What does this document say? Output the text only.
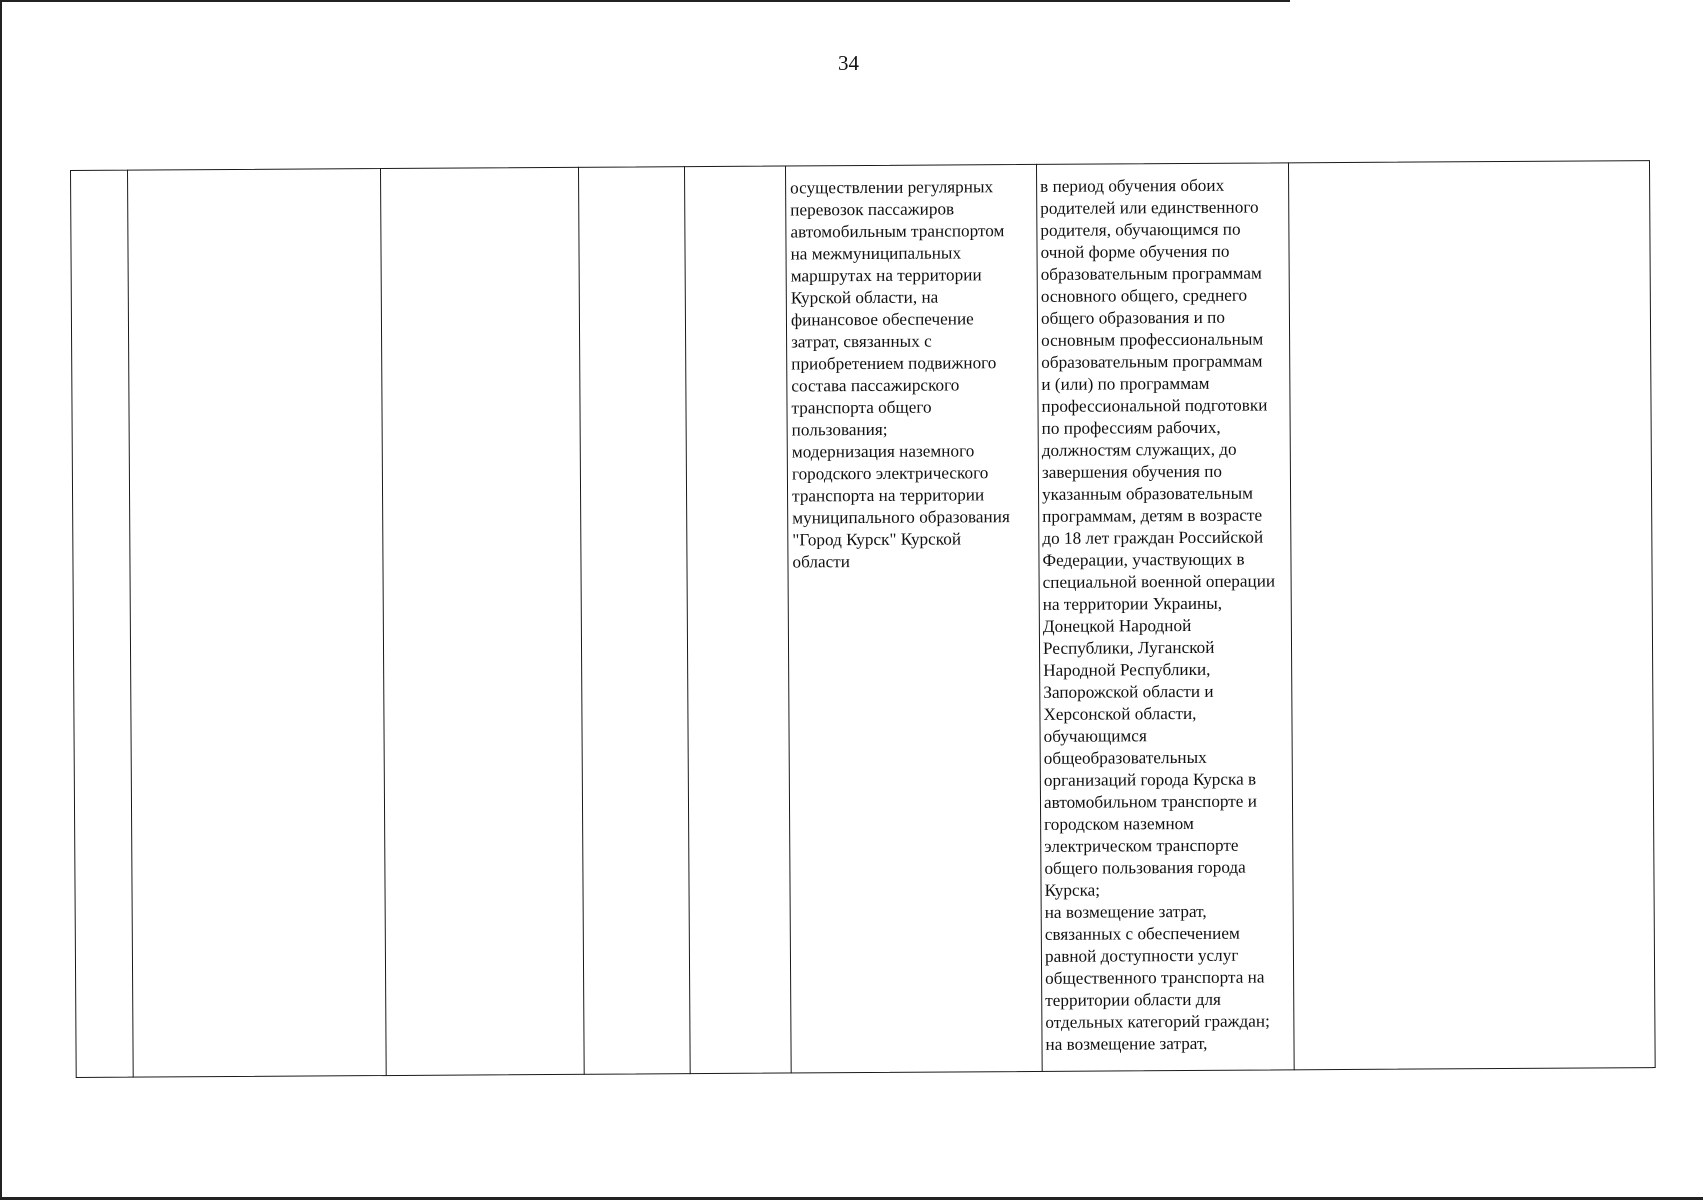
34
осуществлении регулярных
перевозок пассажиров
автомобильным транспортом
на межмуниципальных
маршрутах на территории
Курской области, на
финансовое обеспечение
затрат, связанных с
приобретением подвижного
состава пассажирского
транспорта общего
пользования;
модернизация наземного
городского электрического
транспорта на территории
муниципального образования
"Город Курск" Курской
области
в период обучения обоих
родителей или единственного
родителя, обучающимся по
очной форме обучения по
образовательным программам
основного общего, среднего
общего образования и по
основным профессиональным
образовательным программам
и (или) по программам
профессиональной подготовки
по профессиям рабочих,
должностям служащих, до
завершения обучения по
указанным образовательным
программам, детям в возрасте
до 18 лет граждан Российской
Федерации, участвующих в
специальной военной операции
на территории Украины,
Донецкой Народной
Республики, Луганской
Народной Республики,
Запорожской области и
Херсонской области,
обучающимся
общеобразовательных
организаций города Курска в
автомобильном транспорте и
городском наземном
электрическом транспорте
общего пользования города
Курска;
на возмещение затрат,
связанных с обеспечением
равной доступности услуг
общественного транспорта на
территории области для
отдельных категорий граждан;
на возмещение затрат,
